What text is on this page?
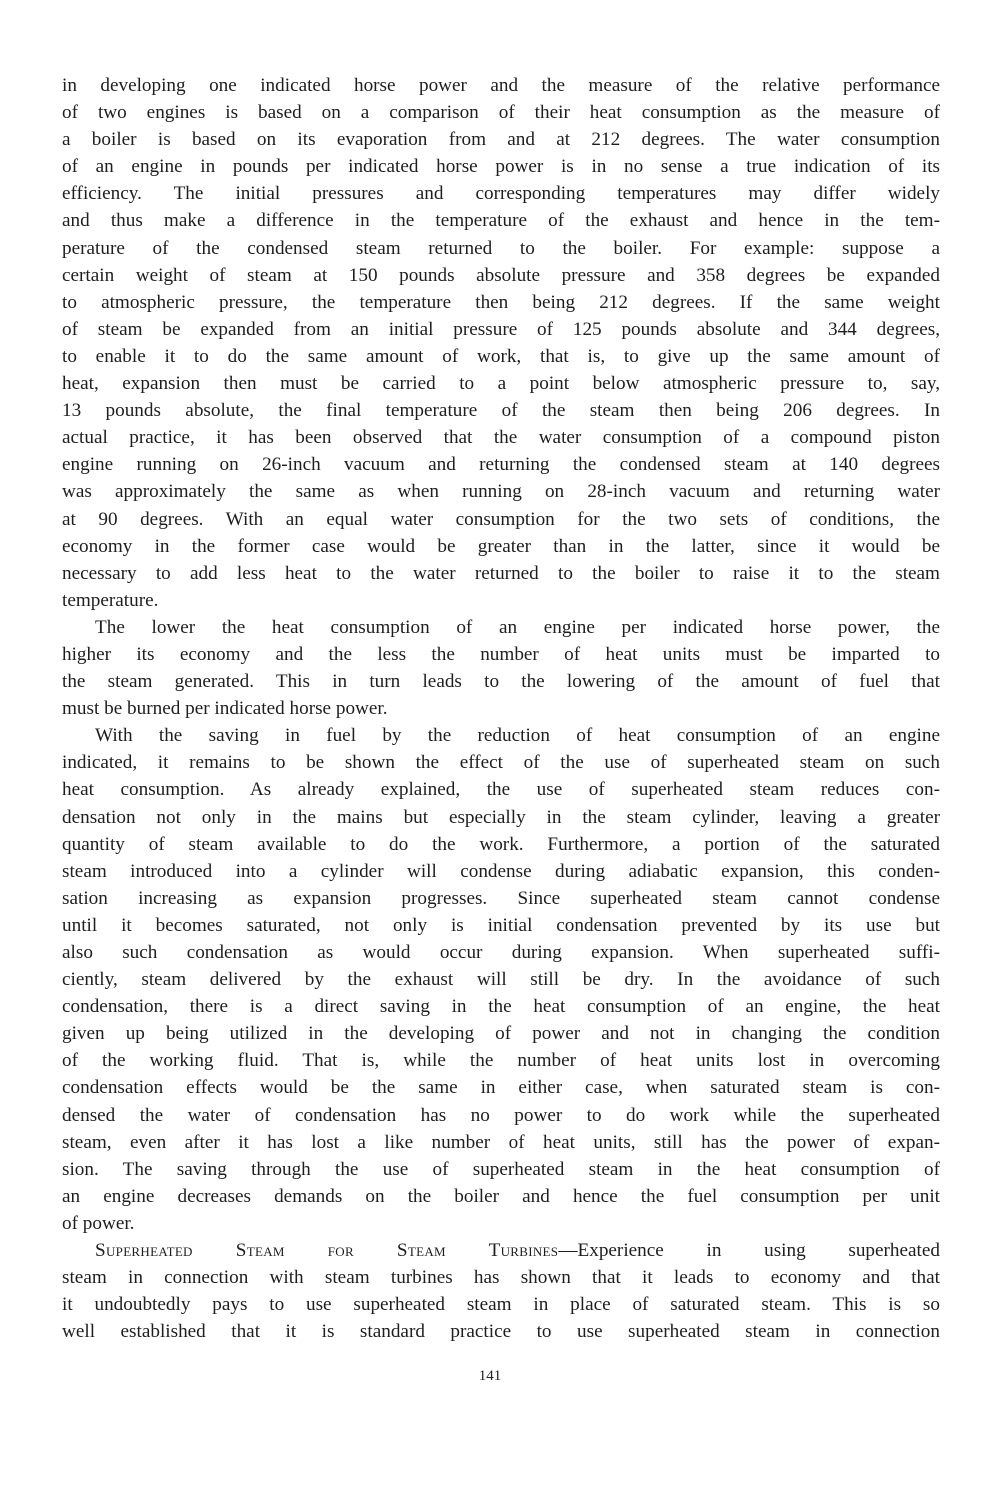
in developing one indicated horse power and the measure of the relative performance
of two engines is based on a comparison of their heat consumption as the measure of
a boiler is based on its evaporation from and at 212 degrees. The water consumption
of an engine in pounds per indicated horse power is in no sense a true indication of its
efficiency. The initial pressures and corresponding temperatures may differ widely
and thus make a difference in the temperature of the exhaust and hence in the tem-
perature of the condensed steam returned to the boiler. For example: suppose a
certain weight of steam at 150 pounds absolute pressure and 358 degrees be expanded
to atmospheric pressure, the temperature then being 212 degrees. If the same weight
of steam be expanded from an initial pressure of 125 pounds absolute and 344 degrees,
to enable it to do the same amount of work, that is, to give up the same amount of
heat, expansion then must be carried to a point below atmospheric pressure to, say,
13 pounds absolute, the final temperature of the steam then being 206 degrees. In
actual practice, it has been observed that the water consumption of a compound piston
engine running on 26-inch vacuum and returning the condensed steam at 140 degrees
was approximately the same as when running on 28-inch vacuum and returning water
at 90 degrees. With an equal water consumption for the two sets of conditions, the
economy in the former case would be greater than in the latter, since it would be
necessary to add less heat to the water returned to the boiler to raise it to the steam
temperature.
The lower the heat consumption of an engine per indicated horse power, the
higher its economy and the less the number of heat units must be imparted to
the steam generated. This in turn leads to the lowering of the amount of fuel that
must be burned per indicated horse power.
With the saving in fuel by the reduction of heat consumption of an engine
indicated, it remains to be shown the effect of the use of superheated steam on such
heat consumption. As already explained, the use of superheated steam reduces con-
densation not only in the mains but especially in the steam cylinder, leaving a greater
quantity of steam available to do the work. Furthermore, a portion of the saturated
steam introduced into a cylinder will condense during adiabatic expansion, this conden-
sation increasing as expansion progresses. Since superheated steam cannot condense
until it becomes saturated, not only is initial condensation prevented by its use but
also such condensation as would occur during expansion. When superheated suffi-
ciently, steam delivered by the exhaust will still be dry. In the avoidance of such
condensation, there is a direct saving in the heat consumption of an engine, the heat
given up being utilized in the developing of power and not in changing the condition
of the working fluid. That is, while the number of heat units lost in overcoming
condensation effects would be the same in either case, when saturated steam is con-
densed the water of condensation has no power to do work while the superheated
steam, even after it has lost a like number of heat units, still has the power of expan-
sion. The saving through the use of superheated steam in the heat consumption of
an engine decreases demands on the boiler and hence the fuel consumption per unit
of power.
Superheated Steam for Steam Turbines—Experience in using superheated
steam in connection with steam turbines has shown that it leads to economy and that
it undoubtedly pays to use superheated steam in place of saturated steam. This is so
well established that it is standard practice to use superheated steam in connection
141
